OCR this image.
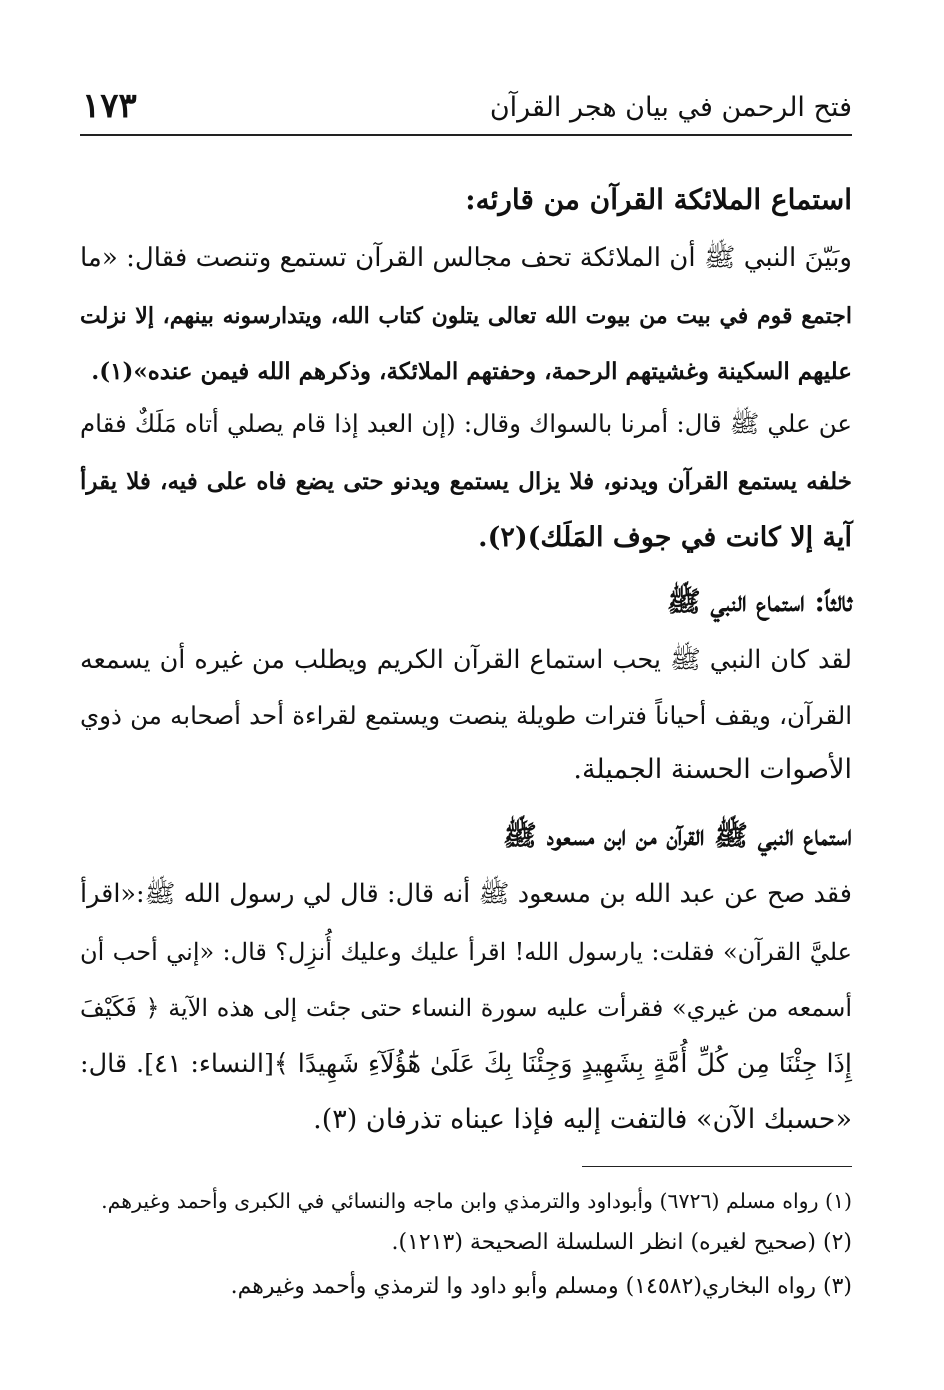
فتح الرحمن في بيان هجر القرآن
١٧٣
استماع الملائكة القرآن من قارئه:
وبَيّنَ النبي ﷺ أن الملائكة تحف مجالس القرآن تستمع وتنصت فقال: «ما
اجتمع قوم في بيت من بيوت الله تعالى يتلون كتاب الله، ويتدارسونه بينهم، إلا نزلت
عليهم السكينة وغشيتهم الرحمة، وحفتهم الملائكة، وذكرهم الله فيمن عنده»(١).
عن علي ﷺ قال: أمرنا بالسواك وقال: (إن العبد إذا قام يصلي أتاه مَلَكٌ فقام
خلفه يستمع القرآن ويدنو، فلا يزال يستمع ويدنو حتى يضع فاه على فيه، فلا يقرأ
آية إلا كانت في جوف المَلَك)(٢).
ثالثاً: استماع النبي ﷺ
لقد كان النبي ﷺ يحب استماع القرآن الكريم ويطلب من غيره أن يسمعه
القرآن، ويقف أحياناً فترات طويلة ينصت ويستمع لقراءة أحد أصحابه من ذوي
الأصوات الحسنة الجميلة.
استماع النبي ﷺ القرآن من ابن مسعود ﷺ
فقد صح عن عبد الله بن مسعود ﷺ أنه قال: قال لي رسول الله ﷺ:«اقرأ
عليَّ القرآن» فقلت: يارسول الله! اقرأ عليك وعليك أُنزِل؟ قال: «إني أحب أن
أسمعه من غيري» فقرأت عليه سورة النساء حتى جئت إلى هذه الآية ﴿ فَكَيْفَ
إِذَا جِئْنَا مِن كُلِّ أُمَّةٍ بِشَهِيدٍ وَجِئْنَا بِكَ عَلَىٰ هَٰٓؤُلَآءِ شَهِيدًا ﴾[النساء: ٤١]. قال:
«حسبك الآن» فالتفت إليه فإذا عيناه تذرفان (٣).
(١) رواه مسلم (٦٧٢٦) وأبوداود والترمذي وابن ماجه والنسائي في الكبرى وأحمد وغيرهم.
(٢) (صحيح لغيره) انظر السلسلة الصحيحة (١٢١٣).
(٣) رواه البخاري(١٤٥٨٢) ومسلم وأبو داود وا لترمذي وأحمد وغيرهم.
